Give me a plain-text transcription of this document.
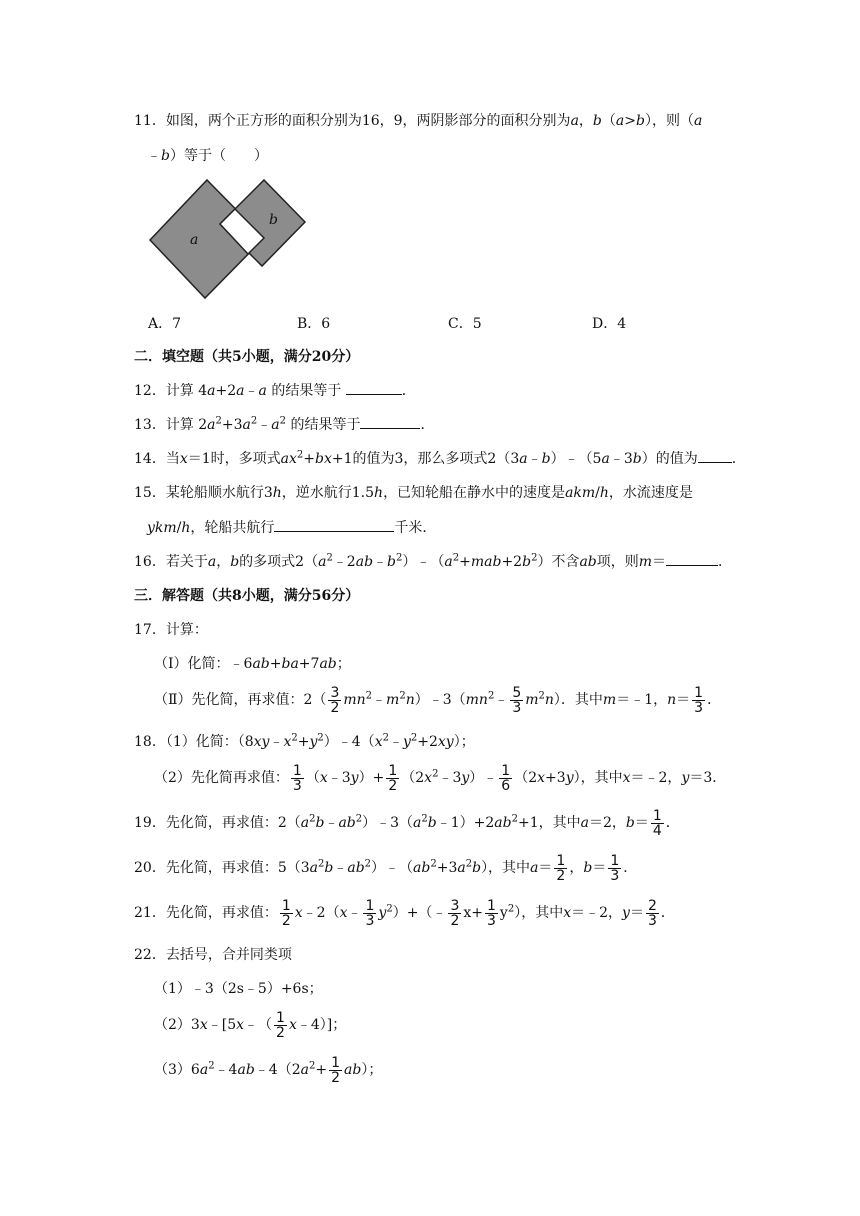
11．如图，两个正方形的面积分别为16，9，两阴影部分的面积分别为a，b（a>b），则（a
﹣b）等于（　　）
a
b
A．7	B．6	C．5	D．4
二．填空题（共5小题，满分20分）
12．计算 4a+2a﹣a 的结果等于	．
13．计算 $2a^2+3a^2﹣a^2$ 的结果等于	．
14．当x＝1时，多项式$ax^2+bx+1$的值为3，那么多项式2（3a﹣b）﹣（5a﹣3b）的值为 ．
15．某轮船顺水航行3h，逆水航行1.5h，已知轮船在静水中的速度是akm/h，水流速度是
ykm/h，轮船共航行	千米．
16．若关于a，b的多项式$2(a^2﹣2ab﹣b^2)﹣(a^2+mab+2b^2)$不含ab项，则m＝	．
三．解答题（共8小题，满分56分）
17．计算：
（Ⅰ）化简：﹣6ab+ba+7ab；
（Ⅱ）先化简，再求值：$2( \frac{3}{2}$ $mn^2﹣m^2n)﹣3(mn^2﹣ \frac{5}{3} m^2n)$．其中m＝﹣1，$n= \frac{1}{3}$ ．
18．（1）化简：$(8xy﹣x^2+y^2)﹣4(x^2﹣y^2+2xy)$；
（2）先化简再求值： $\frac{1}{3}$ （x﹣3y）+ $\frac{1}{2}$ $(2x^2﹣3y)﹣ \frac{1}{6} (2x+3y)$，其中x＝﹣2，y＝3．
19．先化简，再求值：$2(a^2b﹣ab^2)﹣3(a^2b﹣1)+2ab^2+1$，其中a＝2，$b= \frac{1}{4}$ ．
20．先化简，再求值：$5(3a^2b﹣ab^2)﹣(ab^2+3a^2b)$，其中$a= \frac{1}{2}$ ，$b= \frac{1}{3}$ ．
21．先化简，再求值： $\frac{1}{2}$ x﹣2（x﹣ $\frac{1}{3}$ $y^2)+(﹣ \frac{3}{2} x+ \frac{1}{3} y^2)$，其中x＝﹣2，$y= \frac{2}{3}$ ．
22．去括号，合并同类项
（1）﹣3（2s﹣5）+6s；
（2）3x﹣[5x﹣（ $\frac{1}{2}$ x﹣4）]；
$(3)6a^2﹣4ab﹣4(2a^2+ \frac{1}{2} ab)$；
